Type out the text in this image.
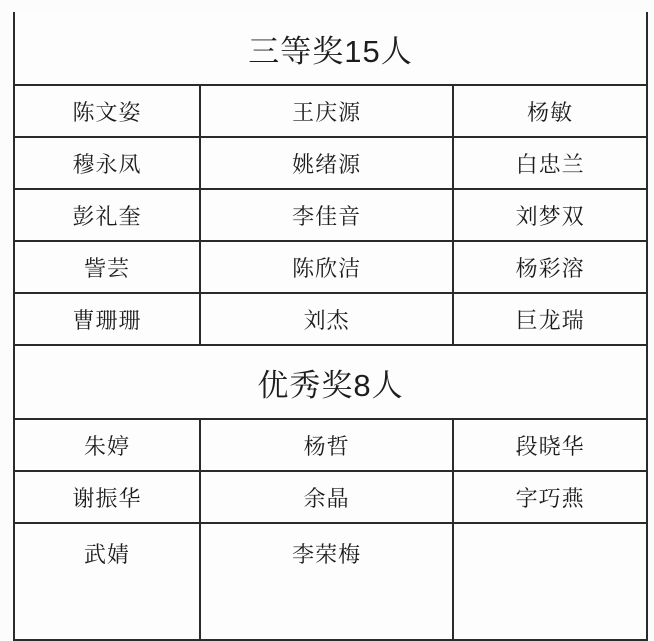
三等奖15人		
陈文姿	王庆源	杨敏
穆永凤	姚绪源	白忠兰
彭礼奎	李佳音	刘梦双
訾芸	陈欣洁	杨彩溶
曹珊珊	刘杰	巨龙瑞
优秀奖8人		
朱婷	杨哲	段晓华
谢振华	余晶	字巧燕
武婧	李荣梅	
